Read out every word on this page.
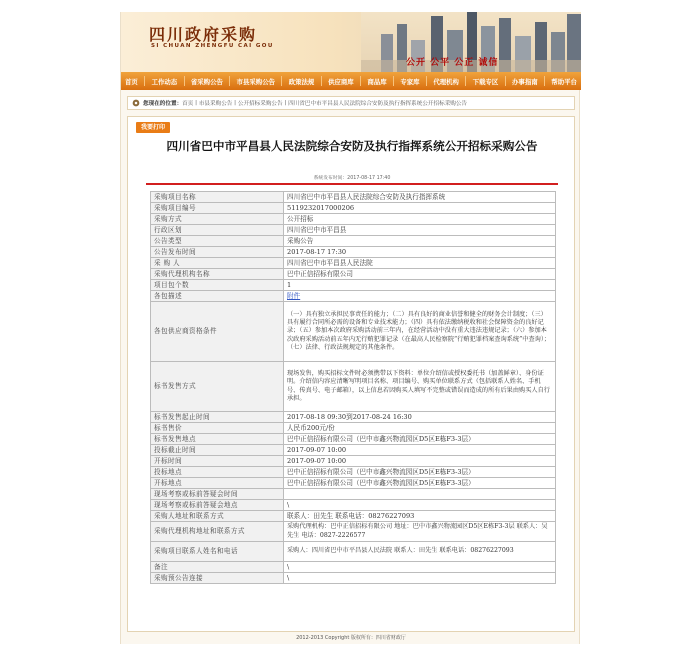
四川政府采购
SI CHUAN ZHENGFU CAI GOU
公开 公平 公正 诚信
首页 工作动态 省采购公告 市县采购公告 政策法规 供应商库 商品库 专家库 代理机构 下载专区 办事指南 帮助平台
您现在的位置： 首页 | 市县采购公告 | 公开招标采购公告 | 四川省巴中市平昌县人民法院综合安防及执行指挥系统公开招标采购公告
我要打印
四川省巴中市平昌县人民法院综合安防及执行指挥系统公开招标采购公告
系统发布时间：2017-08-17 17:40
采购项目名称	四川省巴中市平昌县人民法院综合安防及执行指挥系统
采购项目编号	5119232017000206
采购方式	公开招标
行政区划	四川省巴中市平昌县
公告类型	采购公告
公告发布时间	2017-08-17 17:30
采 购 人	四川省巴中市平昌县人民法院
采购代理机构名称	巴中正信招标有限公司
项目包个数	1
各包描述	附件
各包供应商资格条件	（一）具有独立承担民事责任的能力；（二）具有良好的商业信誉和健全的财务会计制度；（三）具有履行合同所必需的设备和专业技术能力；（四）具有依法缴纳税收和社会保障资金的良好记录；（五）参加本次政府采购活动前三年内，在经营活动中没有重大违法违规记录；（六）参加本次政府采购活动前五年内无行贿犯罪记录（在最高人民检察院“行贿犯罪档案查询系统”中查询）；（七）法律、行政法规规定的其他条件。
标书发售方式	现场发售，购买招标文件时必须携带以下资料：单位介绍信或授权委托书（加盖鲜章）、身份证明。介绍信内容应清晰写明项目名称、项目编号、购买单位联系方式（包括联系人姓名、手机号、传真号、电子邮箱），以上信息若因购买人填写不完整或错误而造成的所有后果由购买人自行承担。
标书发售起止时间	2017-08-18 09:30到2017-08-24 16:30
标书售价	人民币200元/份
标书发售地点	巴中正信招标有限公司（巴中市鑫兴物流园区D5区E栋F3-3层）
投标截止时间	2017-09-07 10:00
开标时间	2017-09-07 10:00
投标地点	巴中正信招标有限公司（巴中市鑫兴物流园区D5区E栋F3-3层）
开标地点	巴中正信招标有限公司（巴中市鑫兴物流园区D5区E栋F3-3层）
现场考察或标前答疑会时间	
现场考察或标前答疑会地点	\
采购人地址和联系方式	联系人：田先生 联系电话：08276227093
采购代理机构地址和联系方式	采购代理机构：巴中正信招标有限公司 地址：巴中市鑫兴物流园区D5区E栋F3-3层 联系人：吴先生 电话：0827-2226577
采购项目联系人姓名和电话	采购人：四川省巴中市平昌县人民法院 联系人：田先生 联系电话：08276227093
备注	\
采购预公告连接	\
2012-2013 Copyright 版权所有：四川省财政厅
